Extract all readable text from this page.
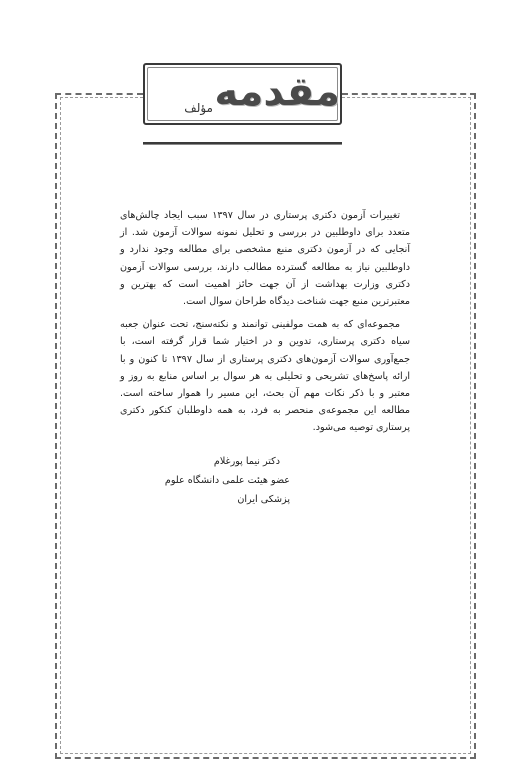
مقدمه
مؤلف

تغییرات آزمون دکتری پرستاری در سال ۱۳۹۷ سبب ایجاد چالش‌های متعدد برای داوطلبین در بررسی و تحلیل نمونه سوالات آزمون شد. از آنجایی که در آزمون دکتری منبع مشخصی برای مطالعه وجود ندارد و داوطلبین نیاز به مطالعه گسترده مطالب دارند، بررسی سوالات آزمون دکتری وزارت بهداشت از آن جهت حائز اهمیت است که بهترین و معتبرترین منبع جهت شناخت دیدگاه طراحان سوال است.

مجموعه‌ای که به همت مولفینی توانمند و نکته‌سنج، تحت عنوان جعبه سیاه دکتری پرستاری، تدوین و در اختیار شما قرار گرفته است، با جمع‌آوری سوالات آزمون‌های دکتری پرستاری از سال ۱۳۹۷ تا کنون و با ارائه پاسخ‌های تشریحی و تحلیلی به هر سوال بر اساس منابع به روز و معتبر و با ذکر نکات مهم آن بحث، این مسیر را هموار ساخته است. مطالعه این مجموعه‌ی منحصر به فرد، به همه داوطلبان کنکور دکتری پرستاری توصیه می‌شود.

دکتر نیما پورغلام
عضو هیئت علمی دانشگاه علوم پزشکی ایران
